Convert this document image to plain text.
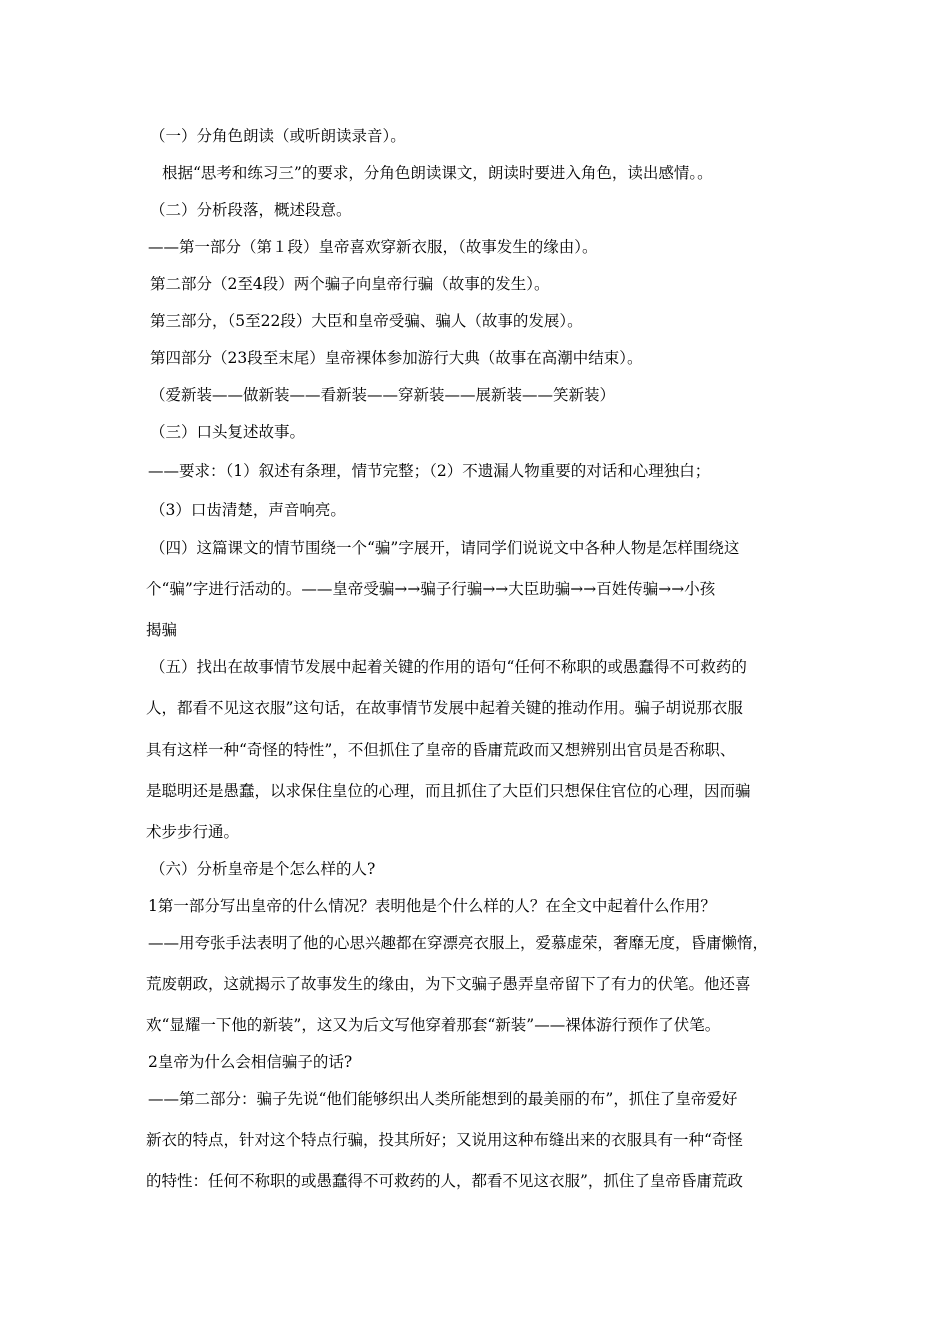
（一）分角色朗读（或听朗读录音）。
根据“思考和练习三”的要求，分角色朗读课文，朗读时要进入角色，读出感情。。
（二）分析段落，概述段意。
——第一部分（第１段）皇帝喜欢穿新衣服，（故事发生的缘由）。
第二部分（2至4段）两个骗子向皇帝行骗（故事的发生）。
第三部分，（5至22段）大臣和皇帝受骗、骗人（故事的发展）。
第四部分（23段至末尾）皇帝裸体参加游行大典（故事在高潮中结束）。
（爱新装——做新装——看新装——穿新装——展新装——笑新装）
（三）口头复述故事。
——要求：（1）叙述有条理，情节完整；（2）不遗漏人物重要的对话和心理独白；
（3）口齿清楚，声音响亮。
（四）这篇课文的情节围绕一个“骗”字展开，请同学们说说文中各种人物是怎样围绕这
个“骗”字进行活动的。——皇帝受骗→→骗子行骗→→大臣助骗→→百姓传骗→→小孩
揭骗
（五）找出在故事情节发展中起着关键的作用的语句“任何不称职的或愚蠢得不可救药的
人，都看不见这衣服”这句话，在故事情节发展中起着关键的推动作用。骗子胡说那衣服
具有这样一种“奇怪的特性”，不但抓住了皇帝的昏庸荒政而又想辨别出官员是否称职、
是聪明还是愚蠢，以求保住皇位的心理，而且抓住了大臣们只想保住官位的心理，因而骗
术步步行通。
（六）分析皇帝是个怎么样的人?
1第一部分写出皇帝的什么情况？表明他是个什么样的人？在全文中起着什么作用？
——用夸张手法表明了他的心思兴趣都在穿漂亮衣服上，爱慕虚荣，奢靡无度，昏庸懒惰，
荒废朝政，这就揭示了故事发生的缘由，为下文骗子愚弄皇帝留下了有力的伏笔。他还喜
欢“显耀一下他的新装”，这又为后文写他穿着那套“新装”——裸体游行预作了伏笔。
2皇帝为什么会相信骗子的话?
——第二部分：骗子先说“他们能够织出人类所能想到的最美丽的布”，抓住了皇帝爱好
新衣的特点，针对这个特点行骗，投其所好；又说用这种布缝出来的衣服具有一种“奇怪
的特性：任何不称职的或愚蠢得不可救药的人，都看不见这衣服”，抓住了皇帝昏庸荒政
